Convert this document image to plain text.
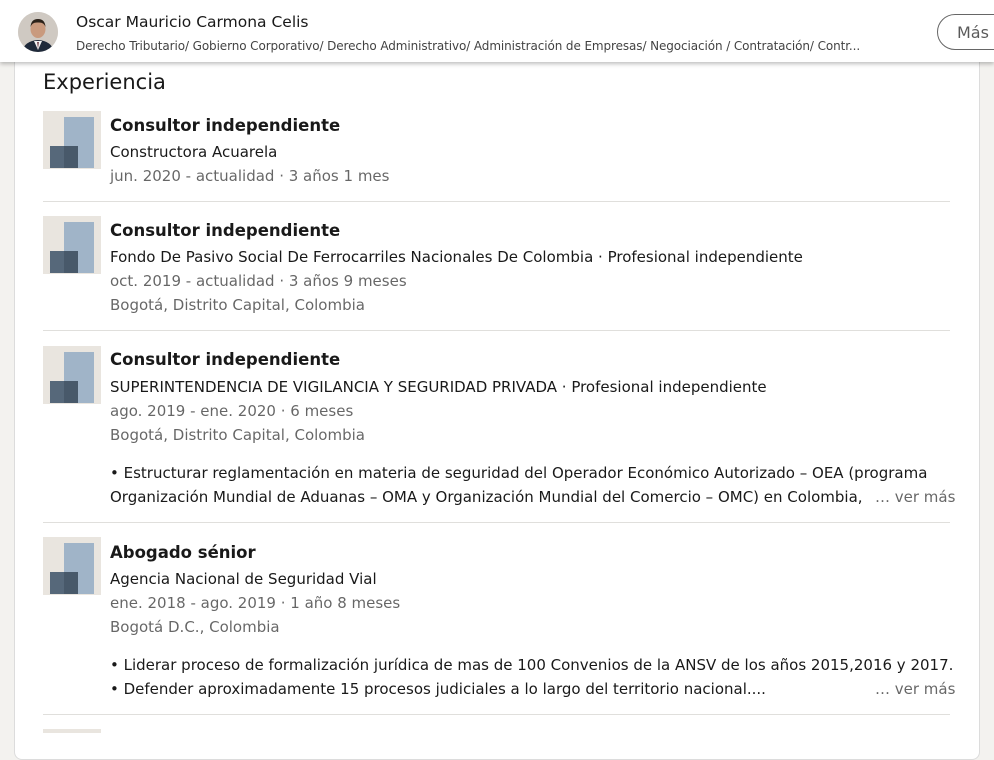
Oscar Mauricio Carmona Celis
Derecho Tributario/ Gobierno Corporativo/ Derecho Administrativo/ Administración de Empresas/ Negociación / Contratación/ Contr...
Más
Experiencia
Consultor independiente
Constructora Acuarela
jun. 2020 - actualidad · 3 años 1 mes
Consultor independiente
Fondo De Pasivo Social De Ferrocarriles Nacionales De Colombia · Profesional independiente
oct. 2019 - actualidad · 3 años 9 meses
Bogotá, Distrito Capital, Colombia
Consultor independiente
SUPERINTENDENCIA DE VIGILANCIA Y SEGURIDAD PRIVADA · Profesional independiente
ago. 2019 - ene. 2020 · 6 meses
Bogotá, Distrito Capital, Colombia
• Estructurar reglamentación en materia de seguridad del Operador Económico Autorizado – OEA (programa
Organización Mundial de Aduanas – OMA y Organización Mundial del Comercio – OMC) en Colombia, … ver más
Abogado sénior
Agencia Nacional de Seguridad Vial
ene. 2018 - ago. 2019 · 1 año 8 meses
Bogotá D.C., Colombia
• Liderar proceso de formalización jurídica de mas de 100 Convenios de la ANSV de los años 2015,2016 y 2017.
• Defender aproximadamente 15 procesos judiciales a lo largo del territorio nacional....	… ver más
